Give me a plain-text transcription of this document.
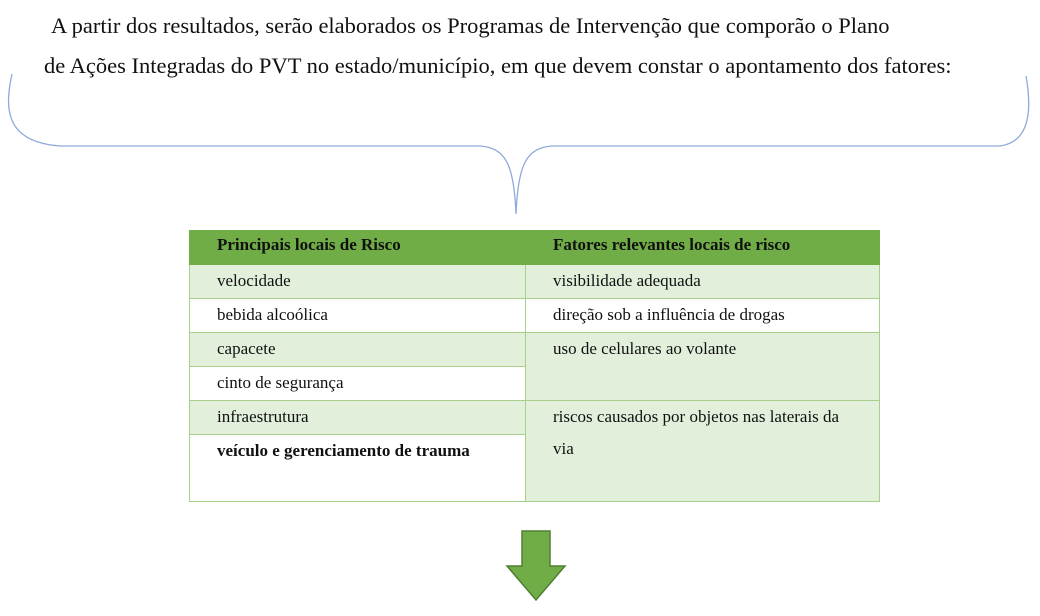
A partir dos resultados, serão elaborados os Programas de Intervenção que comporão o Plano
de Ações Integradas do PVT no estado/município, em que devem constar o apontamento dos fatores:
Principais locais de Risco	Fatores relevantes locais de risco
velocidade	visibilidade adequada
bebida alcoólica	direção sob a influência de drogas
capacete	uso de celulares ao volante
cinto de segurança	
infraestrutura	riscos causados por objetos nas laterais da via
veículo e gerenciamento de trauma	
